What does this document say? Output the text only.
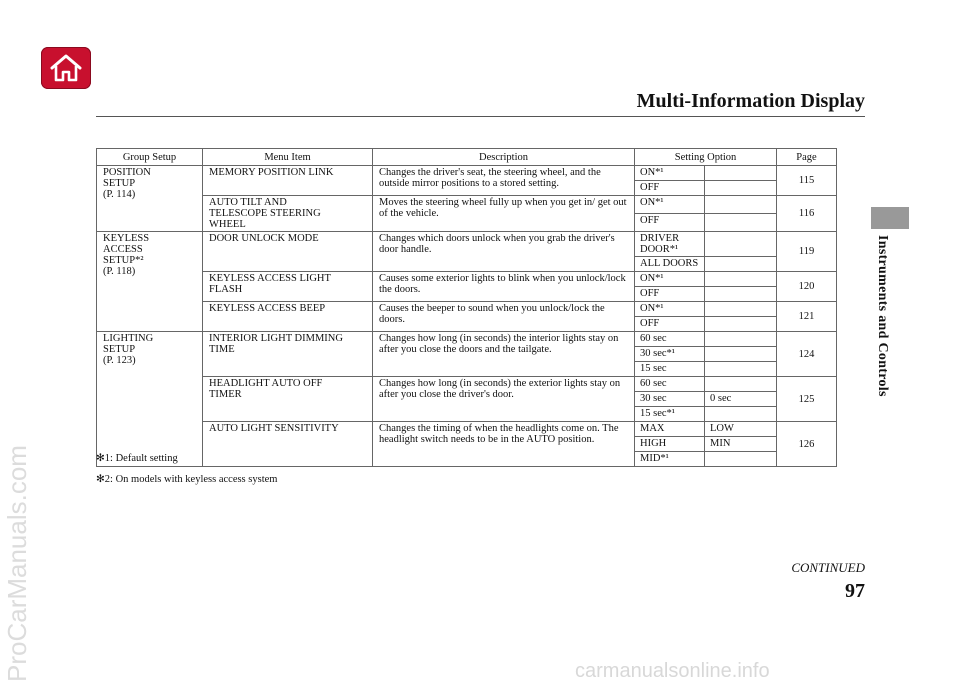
ProCarManuals.com
Multi-Information Display
Instruments and Controls
Group Setup	Menu Item	Description	Setting Option		Page
POSITION
SETUP
(P. 114)	MEMORY POSITION LINK	Changes the driver's seat, the steering wheel, and the outside mirror positions to a stored setting.	ON*¹		115
			OFF		
	AUTO TILT AND
TELESCOPE STEERING
WHEEL	Moves the steering wheel fully up when you get in/ get out of the vehicle.	ON*¹		116
			OFF		
KEYLESS
ACCESS
SETUP*²
(P. 118)	DOOR UNLOCK MODE	Changes which doors unlock when you grab the driver's door handle.	DRIVER DOOR*¹		119
			ALL DOORS		
	KEYLESS ACCESS LIGHT
FLASH	Causes some exterior lights to blink when you unlock/lock the doors.	ON*¹		120
			OFF		
	KEYLESS ACCESS BEEP	Causes the beeper to sound when you unlock/lock the doors.	ON*¹		121
			OFF		
LIGHTING
SETUP
(P. 123)	INTERIOR LIGHT DIMMING
TIME	Changes how long (in seconds) the interior lights stay on after you close the doors and the tailgate.	60 sec		124
			30 sec*¹		
			15 sec		
	HEADLIGHT AUTO OFF
TIMER	Changes how long (in seconds) the exterior lights stay on after you close the driver's door.	60 sec		125
			30 sec	0 sec	
			15 sec*¹		
	AUTO LIGHT SENSITIVITY	Changes the timing of when the headlights come on. The headlight switch needs to be in the AUTO position.	MAX	LOW	126
			HIGH	MIN	
			MID*¹		
✻1: Default setting
✻2: On models with keyless access system
CONTINUED
97
carmanualsonline.info
